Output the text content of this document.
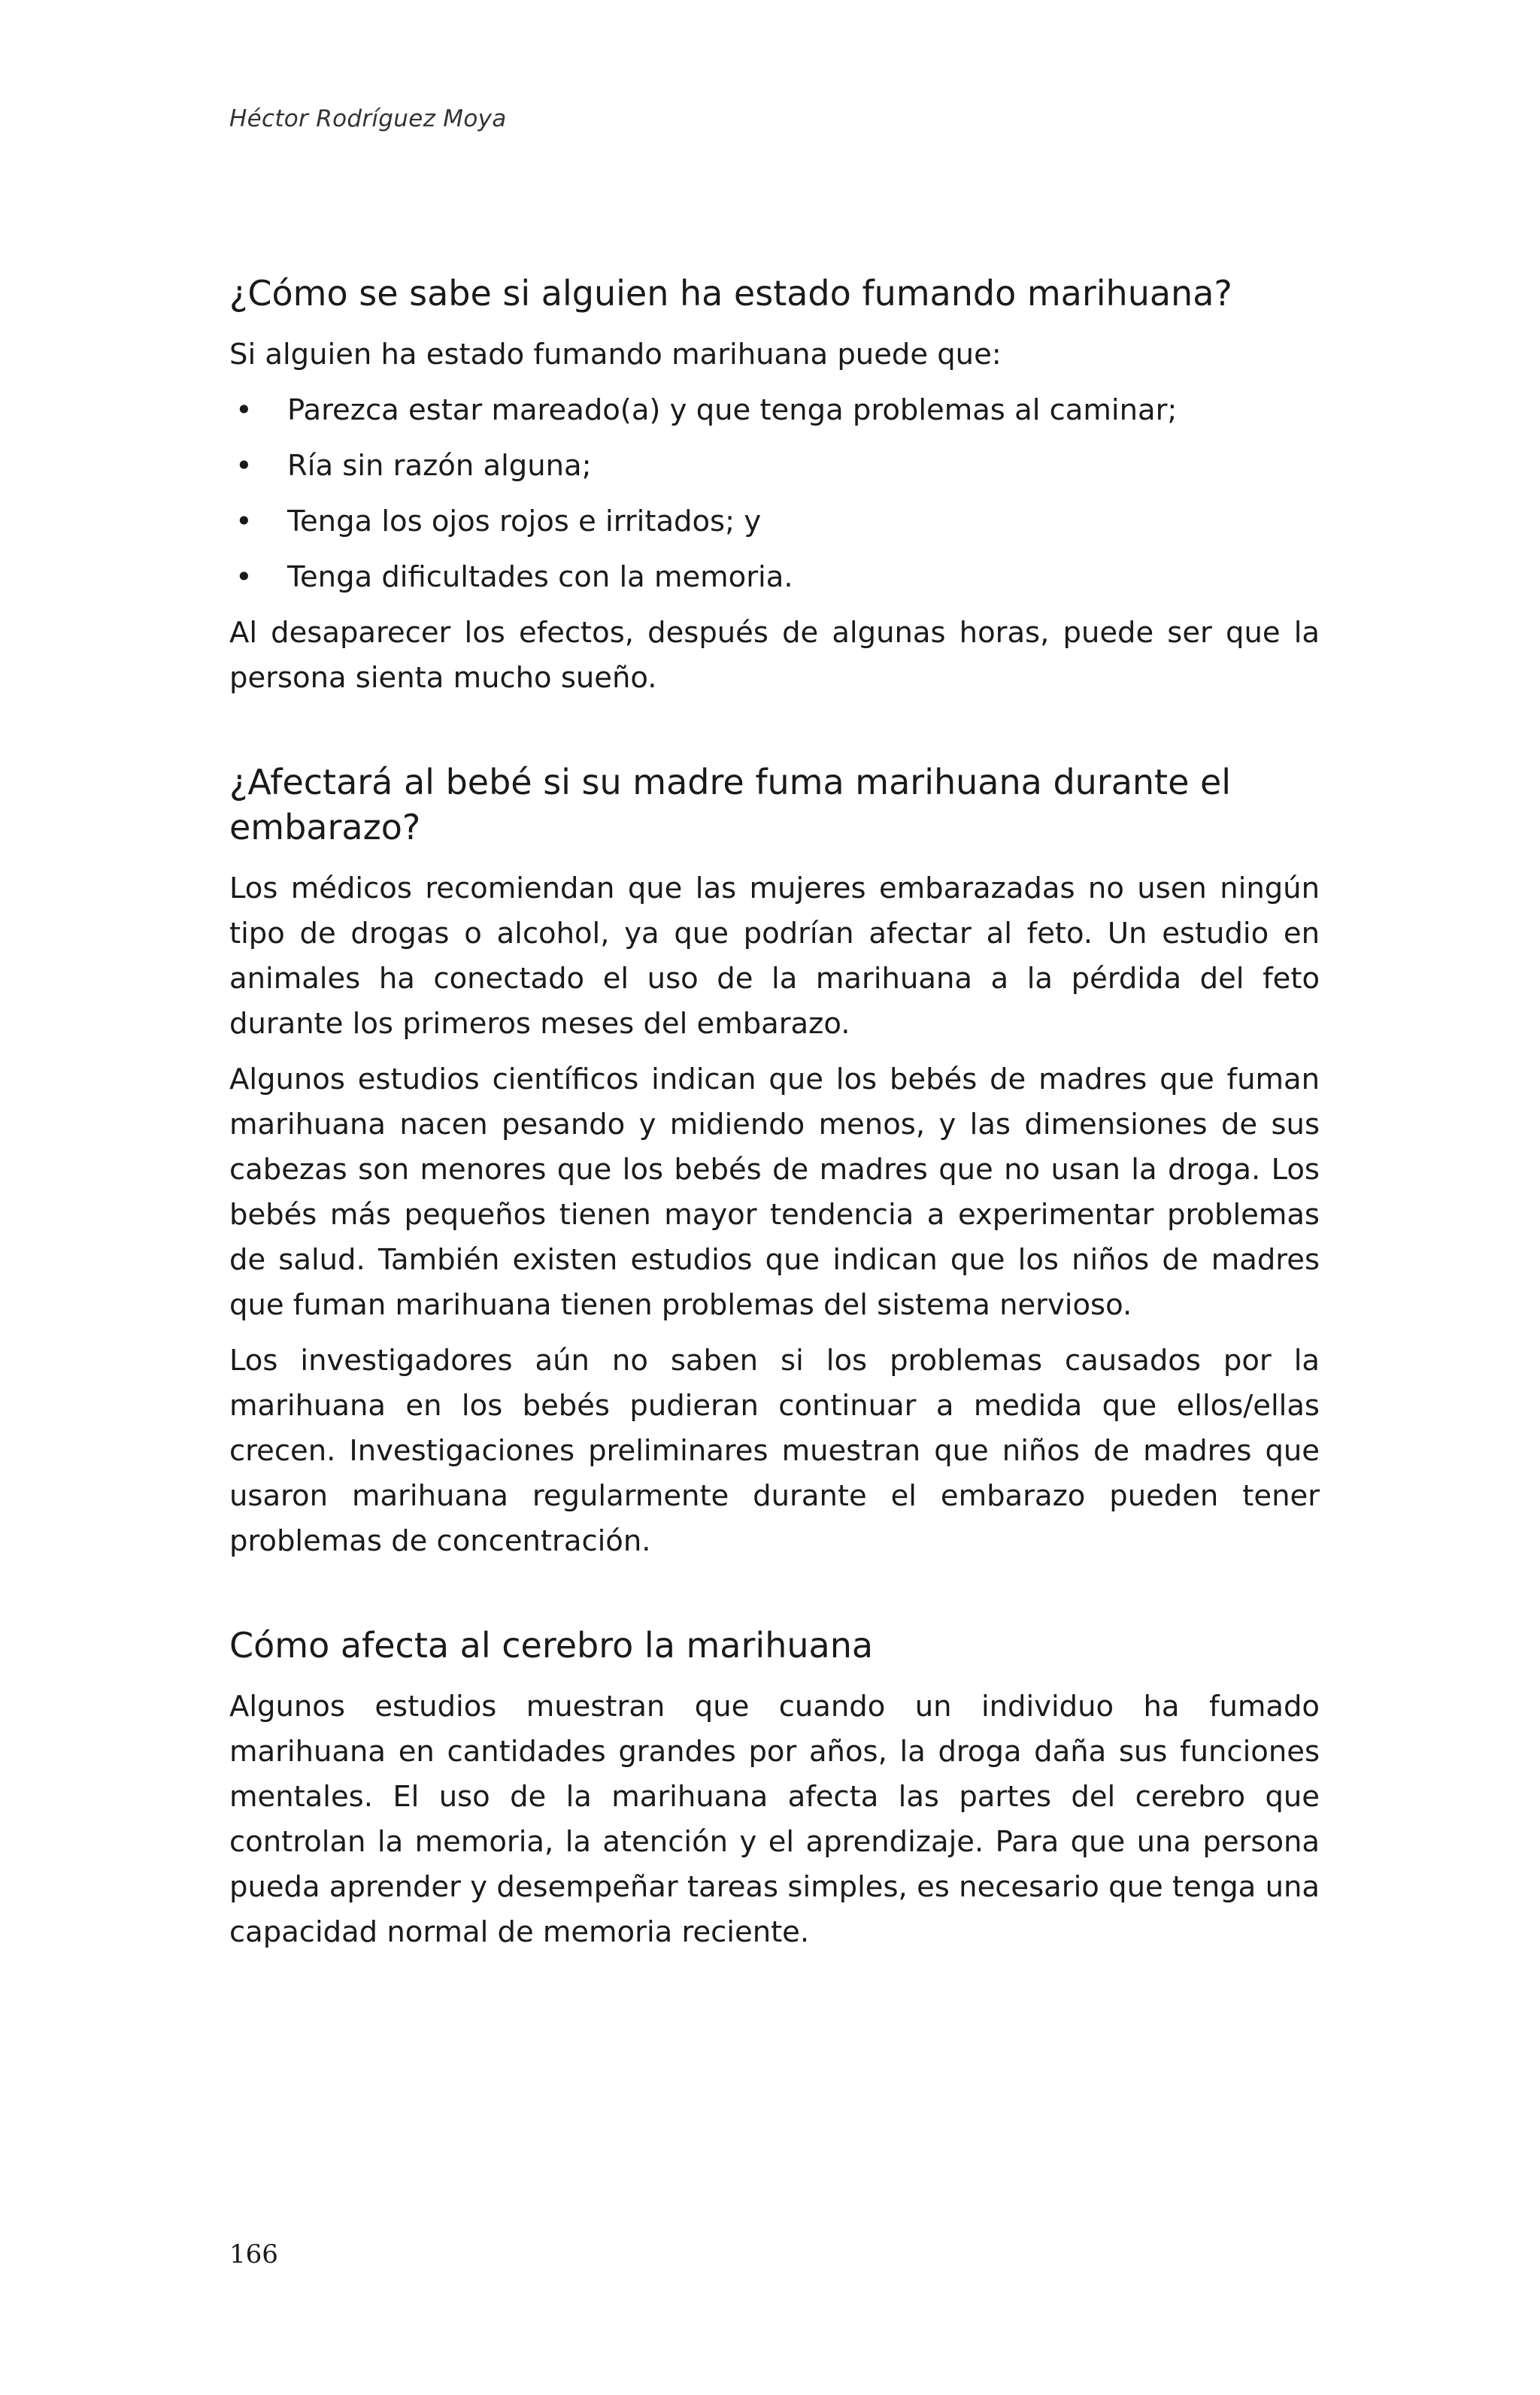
Héctor Rodríguez Moya
¿Cómo se sabe si alguien ha estado fumando marihuana?

Si alguien ha estado fumando marihuana puede que:

• Parezca estar mareado(a) y que tenga problemas al caminar;
• Ría sin razón alguna;
• Tenga los ojos rojos e irritados; y
• Tenga dificultades con la memoria.

Al desaparecer los efectos, después de algunas horas, puede ser que la persona sienta mucho sueño.

¿Afectará al bebé si su madre fuma marihuana durante el embarazo?

Los médicos recomiendan que las mujeres embarazadas no usen ningún tipo de drogas o alcohol, ya que podrían afectar al feto. Un estudio en animales ha conectado el uso de la marihuana a la pérdida del feto durante los primeros meses del embarazo.

Algunos estudios científicos indican que los bebés de madres que fuman marihuana nacen pesando y midiendo menos, y las dimensiones de sus cabezas son menores que los bebés de madres que no usan la droga. Los bebés más pequeños tienen mayor tendencia a experimentar problemas de salud. También existen estudios que indican que los niños de madres que fuman marihuana tienen problemas del sistema nervioso.

Los investigadores aún no saben si los problemas causados por la marihuana en los bebés pudieran continuar a medida que ellos/ellas crecen. Investigaciones preliminares muestran que niños de madres que usaron marihuana regularmente durante el embarazo pueden tener problemas de concentración.

Cómo afecta al cerebro la marihuana

Algunos estudios muestran que cuando un individuo ha fumado marihuana en cantidades grandes por años, la droga daña sus funciones mentales. El uso de la marihuana afecta las partes del cerebro que controlan la memoria, la atención y el aprendizaje. Para que una persona pueda aprender y desempeñar tareas simples, es necesario que tenga una capacidad normal de memoria reciente.

166
